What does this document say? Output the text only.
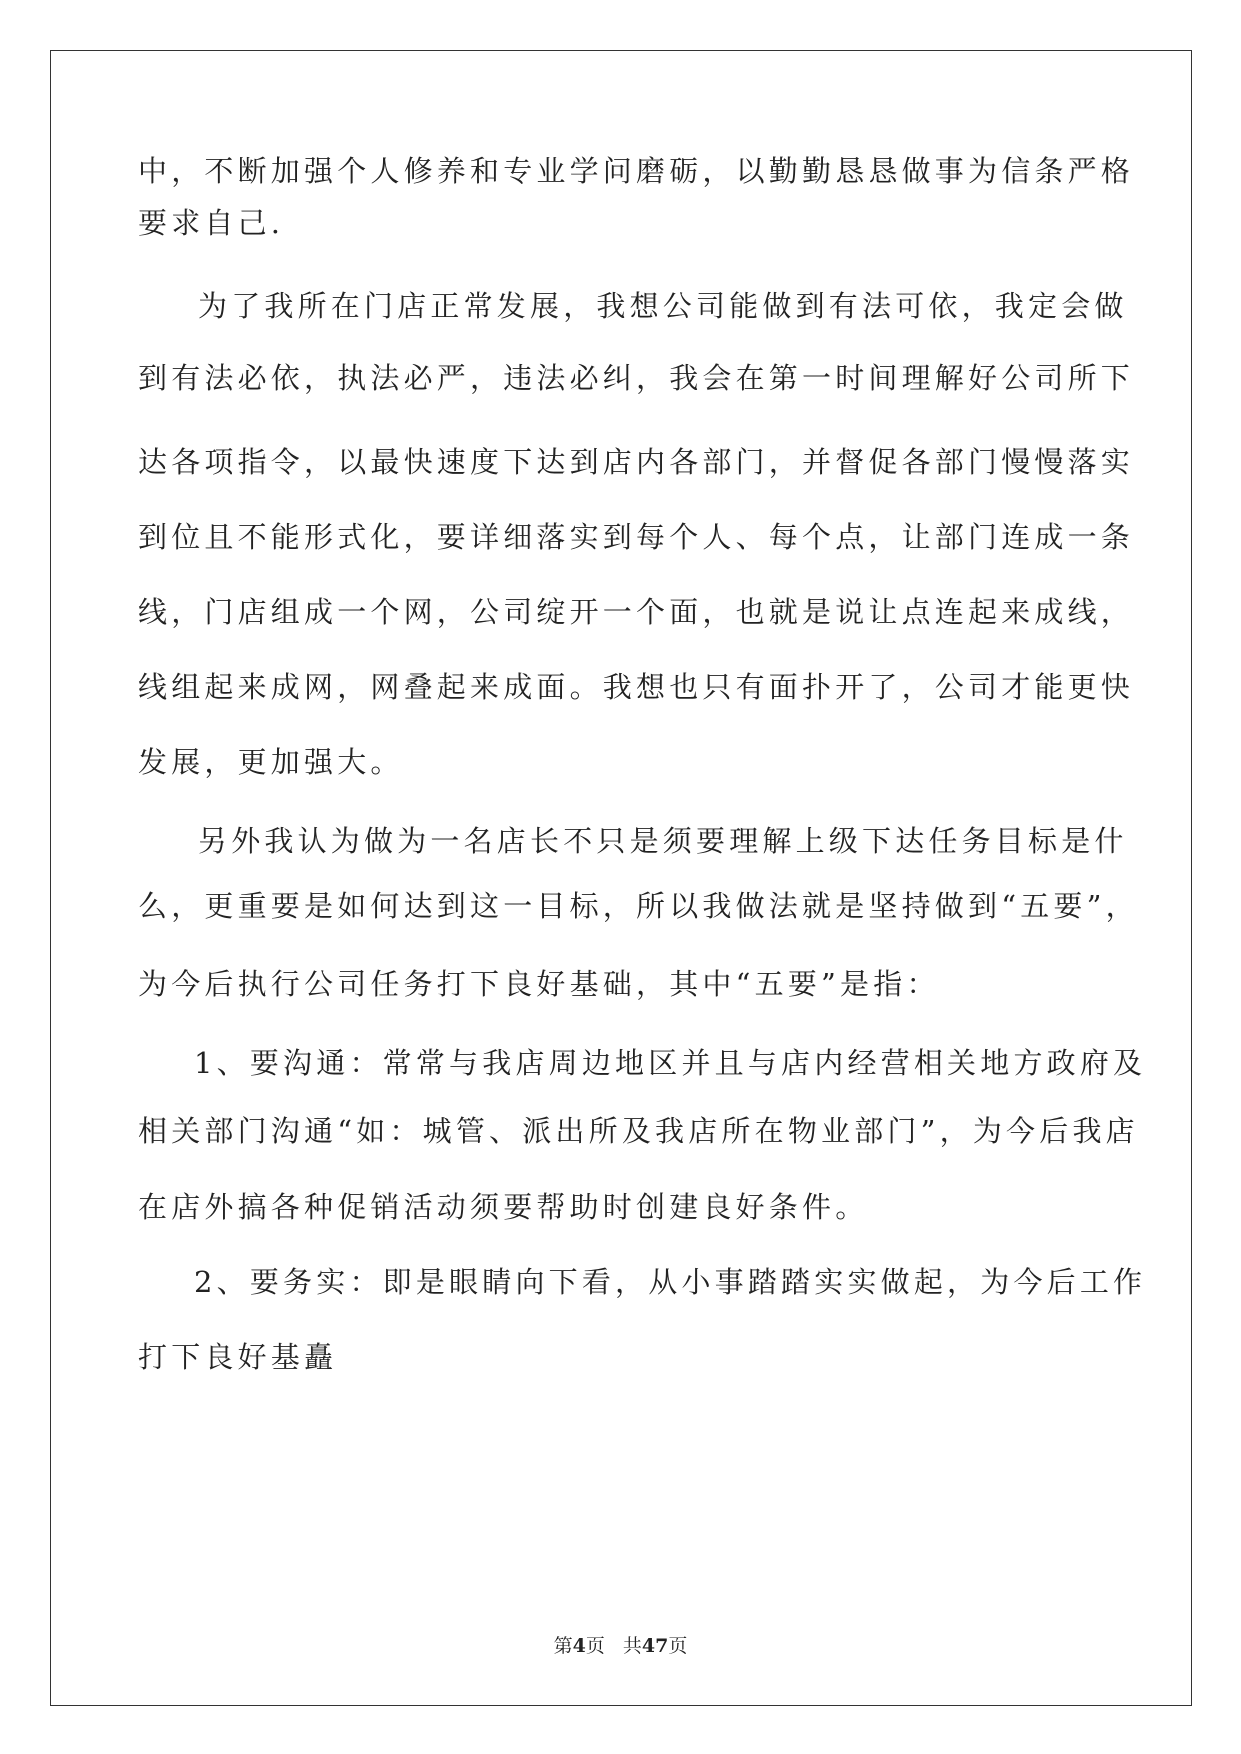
中，不断加强个人修养和专业学问磨砺，以勤勤恳恳做事为信条严格
要求自己.
为了我所在门店正常发展，我想公司能做到有法可依，我定会做
到有法必依，执法必严，违法必纠，我会在第一时间理解好公司所下
达各项指令，以最快速度下达到店内各部门，并督促各部门慢慢落实
到位且不能形式化，要详细落实到每个人、每个点，让部门连成一条
线，门店组成一个网，公司绽开一个面，也就是说让点连起来成线，
线组起来成网，网叠起来成面。我想也只有面扑开了，公司才能更快
发展，更加强大。
另外我认为做为一名店长不只是须要理解上级下达任务目标是什
么，更重要是如何达到这一目标，所以我做法就是坚持做到“五要”，
为今后执行公司任务打下良好基础，其中“五要”是指：
1、要沟通：常常与我店周边地区并且与店内经营相关地方政府及
相关部门沟通“如：城管、派出所及我店所在物业部门”，为今后我店
在店外搞各种促销活动须要帮助时创建良好条件。
2、要务实：即是眼睛向下看，从小事踏踏实实做起，为今后工作
打下良好基矗
第4页 共47页
